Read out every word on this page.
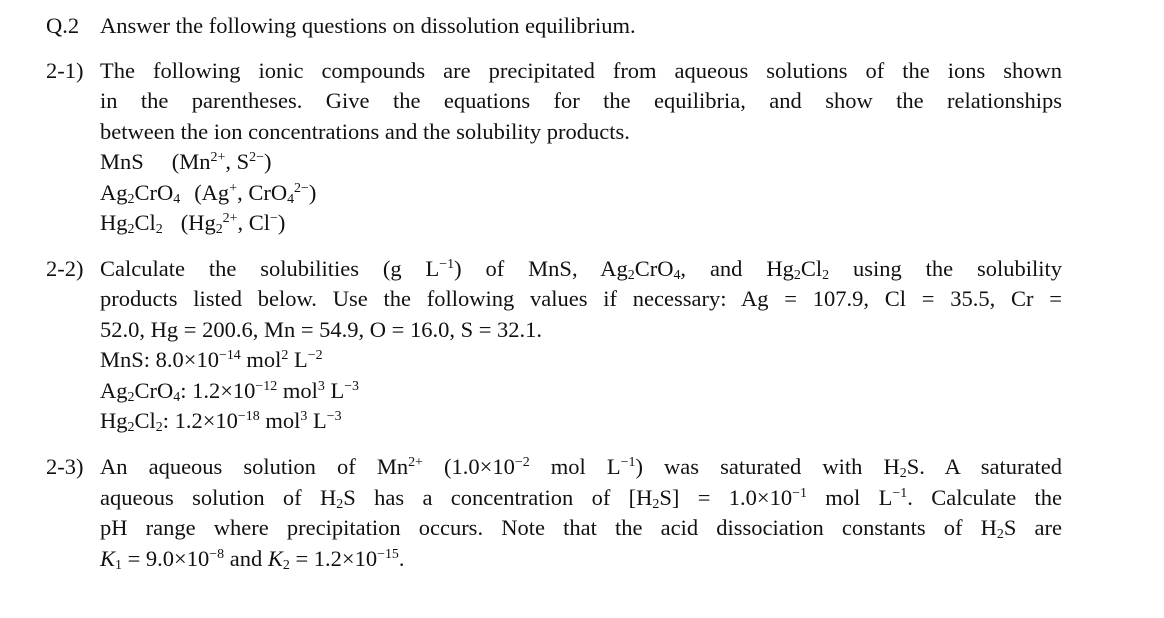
Q.2 Answer the following questions on dissolution equilibrium.
2-1) The following ionic compounds are precipitated from aqueous solutions of the ions shown
in the parentheses. Give the equations for the equilibria, and show the relationships
between the ion concentrations and the solubility products.
MnS ($Mn^{2+}$, $S^{2-}$)
$Ag_2CrO_4$ (Ag+, CrO$_4^{2-}$)
$Hg_2Cl_2$ ($Hg_2^{2+}$, Cl−)
2-2) Calculate the solubilities (g $L^{-1}$) of MnS, $Ag_2CrO_4$, and $Hg_2Cl_2$ using the solubility
products listed below. Use the following values if necessary: Ag = 107.9, Cl = 35.5, Cr =
52.0, Hg = 200.6, Mn = 54.9, O = 16.0, S = 32.1.
MnS: $8.0\times 10^{-14}$ mol$^2$ $L^{-2}$
$Ag_2CrO_4$: $1.2\times 10^{-12}$ mol$^3$ $L^{-3}$
$Hg_2Cl_2$: $1.2\times 10^{-18}$ mol$^3$ $L^{-3}$
2-3) An aqueous solution of $Mn^{2+}$ ($1.0\times 10^{-2}$ mol $L^{-1}$) was saturated with $H_2S$. A saturated
aqueous solution of $H_2S$ has a concentration of $[H_2S] = 1.0\times 10^{-1}$ mol $L^{-1}$. Calculate the
pH range where precipitation occurs. Note that the acid dissociation constants of $H_2S$ are
$K_1 = 9.0\times 10^{-8}$ and $K_2 = 1.2\times 10^{-15}$.
